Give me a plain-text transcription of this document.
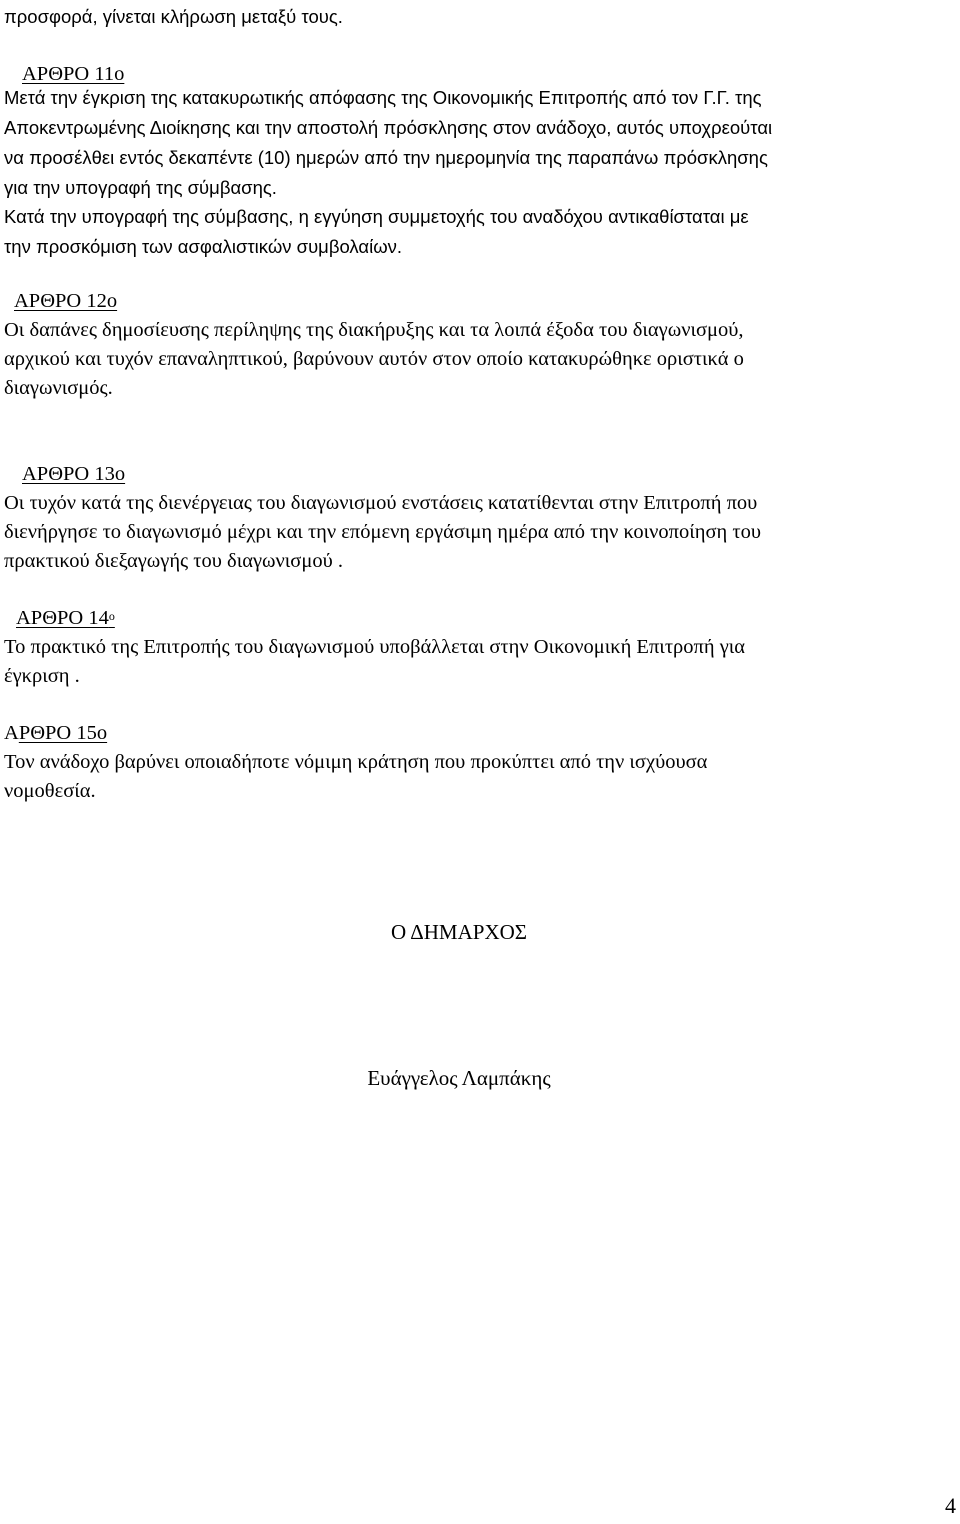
προσφορά, γίνεται κλήρωση μεταξύ τους.
ΑΡΘΡΟ 11ο
Μετά την έγκριση της κατακυρωτικής απόφασης της Οικονομικής Επιτροπής από τον Γ.Γ. της
Αποκεντρωμένης Διοίκησης και την αποστολή πρόσκλησης στον ανάδοχο, αυτός υποχρεούται
να προσέλθει εντός δεκαπέντε (10) ημερών από την ημερομηνία της παραπάνω πρόσκλησης
για την υπογραφή της σύμβασης.
Κατά την υπογραφή της σύμβασης, η εγγύηση συμμετοχής του αναδόχου αντικαθίσταται με
την προσκόμιση των ασφαλιστικών συμβολαίων.
ΑΡΘΡΟ 12ο
Οι δαπάνες δημοσίευσης περίληψης της διακήρυξης και τα λοιπά έξοδα του διαγωνισμού,
αρχικού και τυχόν επαναληπτικού, βαρύνουν αυτόν στον οποίο κατακυρώθηκε οριστικά ο
διαγωνισμός.
ΑΡΘΡΟ 13ο
Οι τυχόν κατά της διενέργειας του διαγωνισμού ενστάσεις κατατίθενται στην Επιτροπή που
διενήργησε το διαγωνισμό μέχρι και την επόμενη εργάσιμη ημέρα από την κοινοποίηση του
πρακτικού διεξαγωγής του διαγωνισμού .
ΑΡΘΡΟ $14^o$
Το πρακτικό της Επιτροπής του διαγωνισμού υποβάλλεται στην Οικονομική Επιτροπή για
έγκριση .
ΑΡΘΡΟ 15ο
Τον ανάδοχο βαρύνει οποιαδήποτε νόμιμη κράτηση που προκύπτει από την ισχύουσα
νομοθεσία.
Ο ΔΗΜΑΡΧΟΣ
Ευάγγελος Λαμπάκης
4
